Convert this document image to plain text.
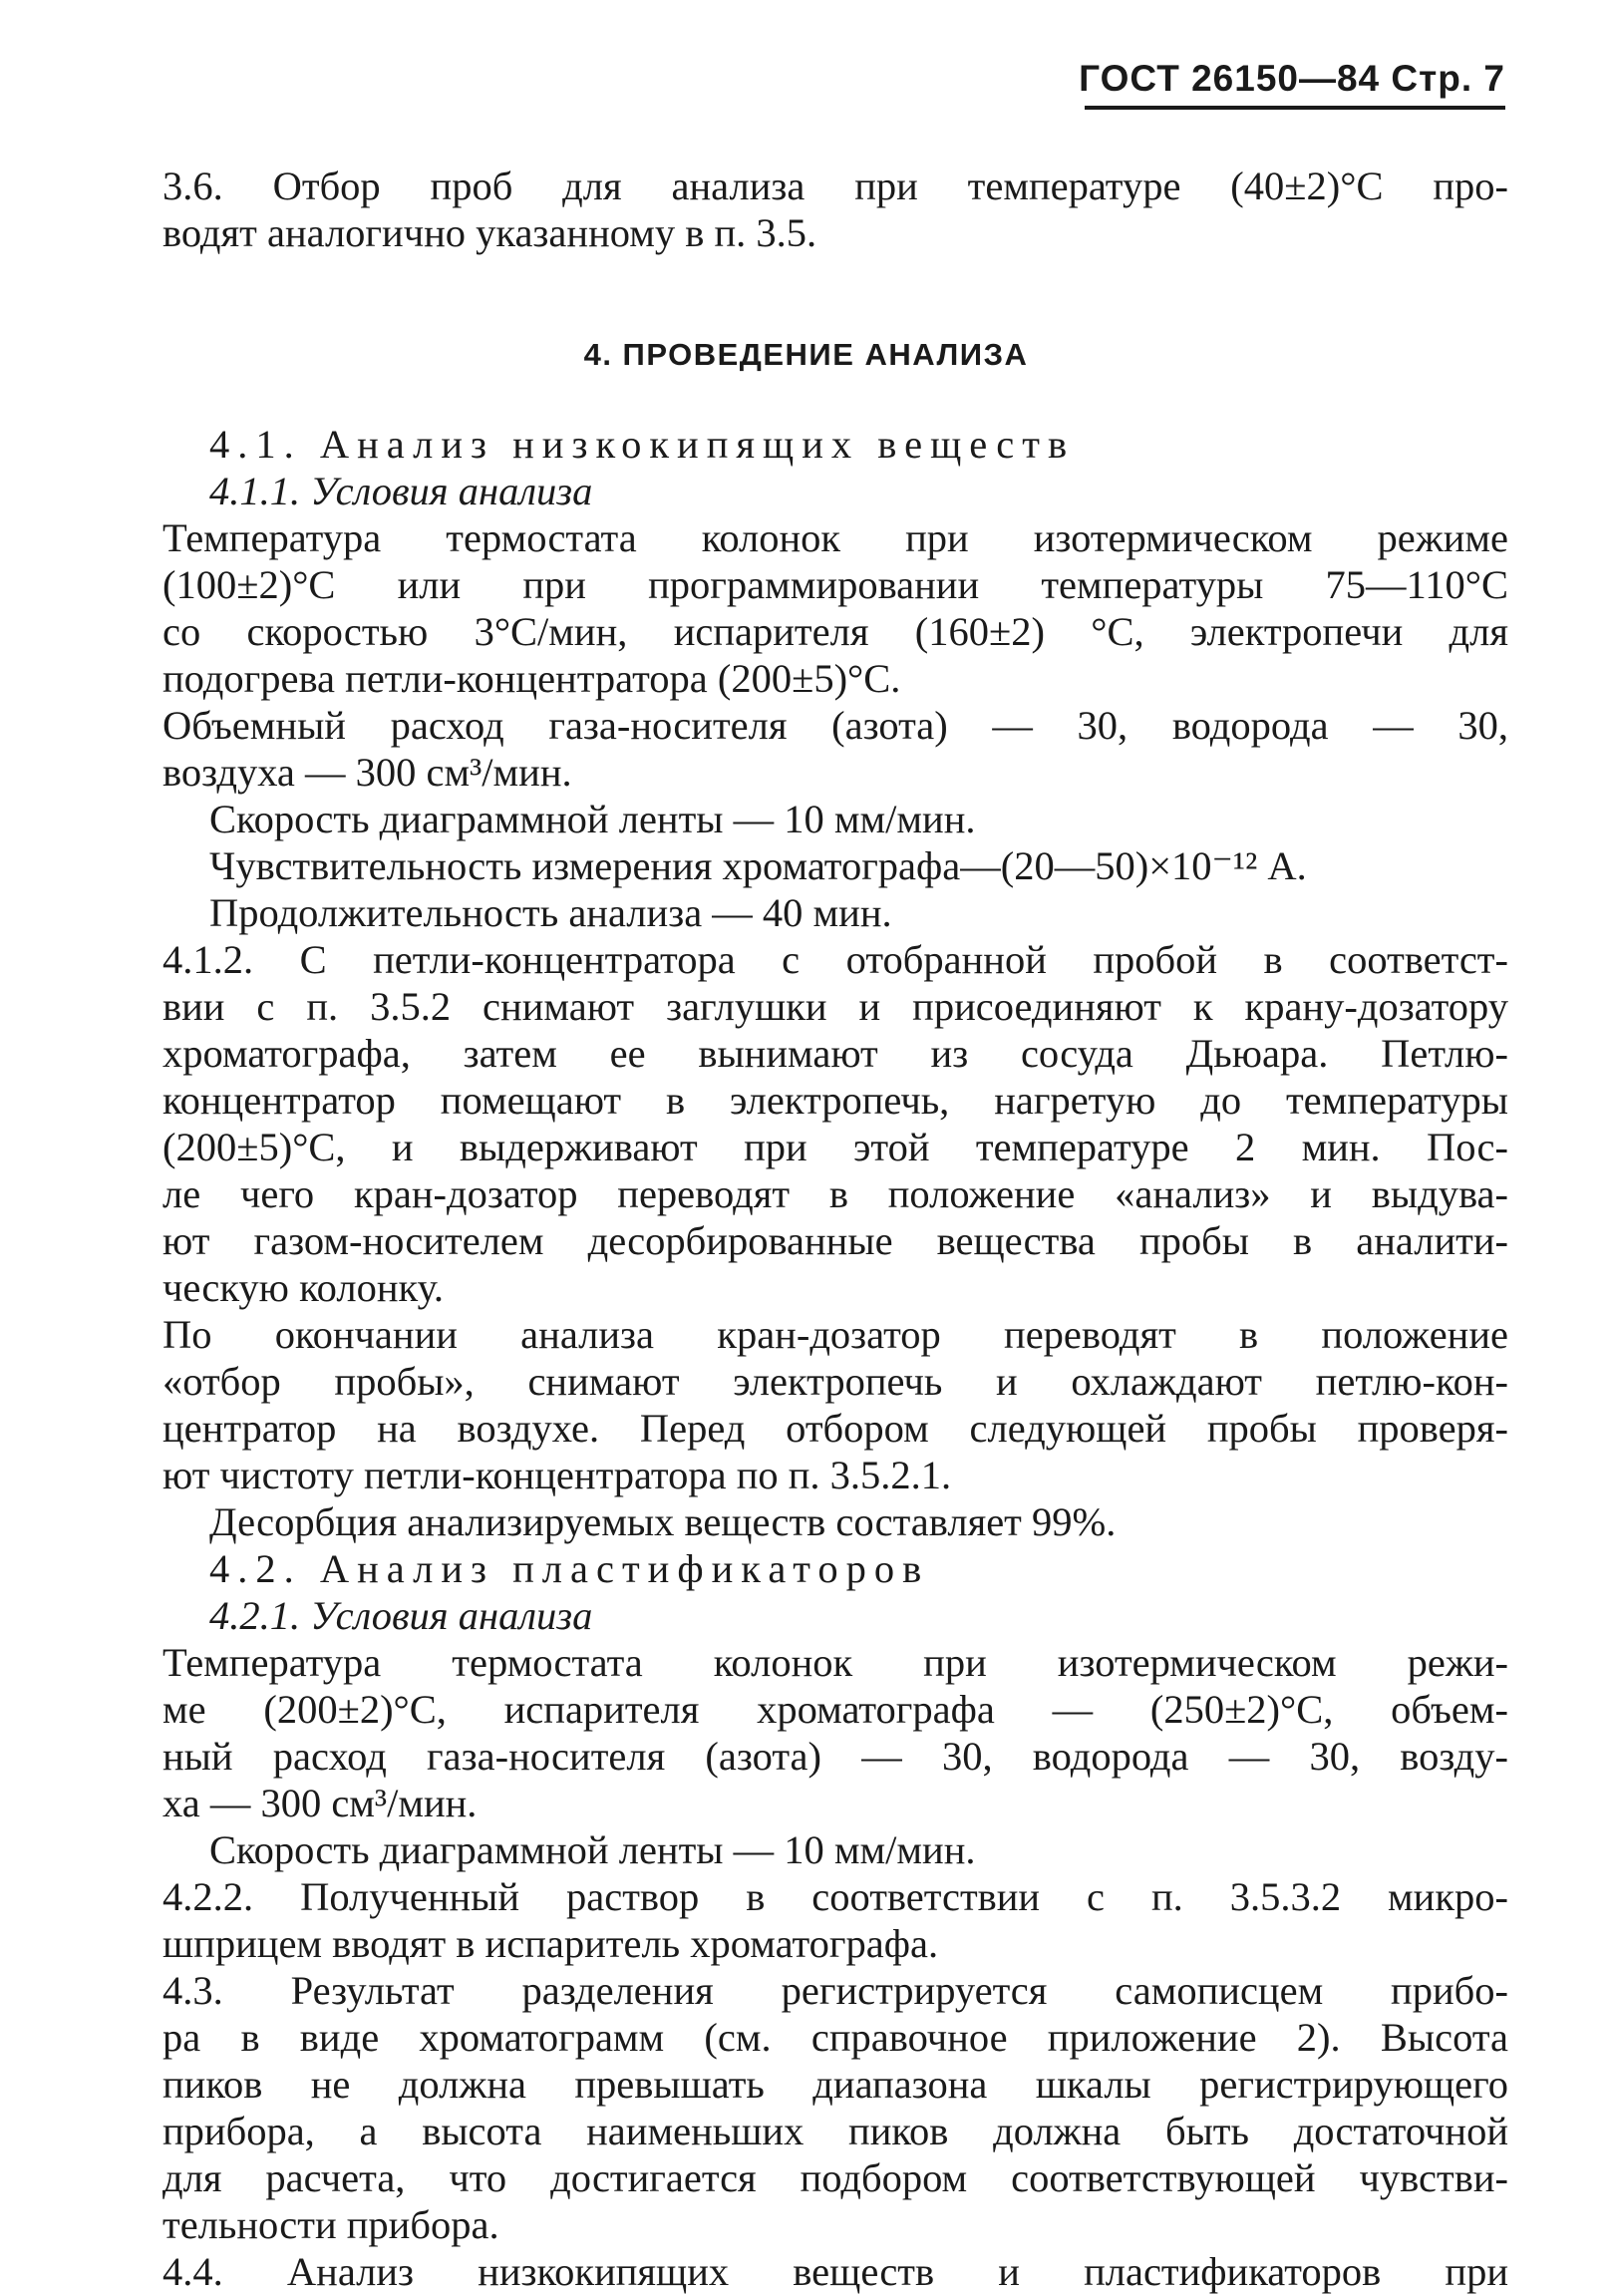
ГОСТ 26150—84 Стр. 7

3.6. Отбор проб для анализа при температуре (40±2)°С про-

водят аналогично указанному в п. 3.5.

4. ПРОВЕДЕНИЕ АНАЛИЗА

4.1. Анализ низкокипящих веществ

4.1.1. Условия анализа

Температура термостата колонок при изотермическом режиме

(100±2)°С или при программировании температуры 75—110°С

со скоростью 3°С/мин, испарителя (160±2) °С, электропечи для

подогрева петли-концентратора (200±5)°С.

Объемный расход газа-носителя (азота) — 30, водорода — 30,

воздуха — 300 см³/мин.

Скорость диаграммной ленты — 10 мм/мин.

Чувствительность измерения хроматографа—(20—50)×10⁻¹² А.

Продолжительность анализа — 40 мин.

4.1.2. С петли-концентратора с отобранной пробой в соответст-

вии с п. 3.5.2 снимают заглушки и присоединяют к крану-дозатору

хроматографа, затем ее вынимают из сосуда Дьюара. Петлю-

концентратор помещают в электропечь, нагретую до температуры

(200±5)°С, и выдерживают при этой температуре 2 мин. Пос-

ле чего кран-дозатор переводят в положение «анализ» и выдува-

ют газом-носителем десорбированные вещества пробы в аналити-

ческую колонку.

По окончании анализа кран-дозатор переводят в положение

«отбор пробы», снимают электропечь и охлаждают петлю-кон-

центратор на воздухе. Перед отбором следующей пробы проверя-

ют чистоту петли-концентратора по п. 3.5.2.1.

Десорбция анализируемых веществ составляет 99%.

4.2. Анализ пластификаторов

4.2.1. Условия анализа

Температура термостата колонок при изотермическом режи-

ме (200±2)°С, испарителя хроматографа — (250±2)°С, объем-

ный расход газа-носителя (азота) — 30, водорода — 30, возду-

ха — 300 см³/мин.

Скорость диаграммной ленты — 10 мм/мин.

4.2.2. Полученный раствор в соответствии с п. 3.5.3.2 микро-

шприцем вводят в испаритель хроматографа.

4.3. Результат разделения регистрируется самописцем прибо-

ра в виде хроматограмм (см. справочное приложение 2). Высота

пиков не должна превышать диапазона шкалы регистрирующего

прибора, а высота наименьших пиков должна быть достаточной

для расчета, что достигается подбором соответствующей чувстви-

тельности прибора.

4.4. Анализ низкокипящих веществ и пластификаторов при
